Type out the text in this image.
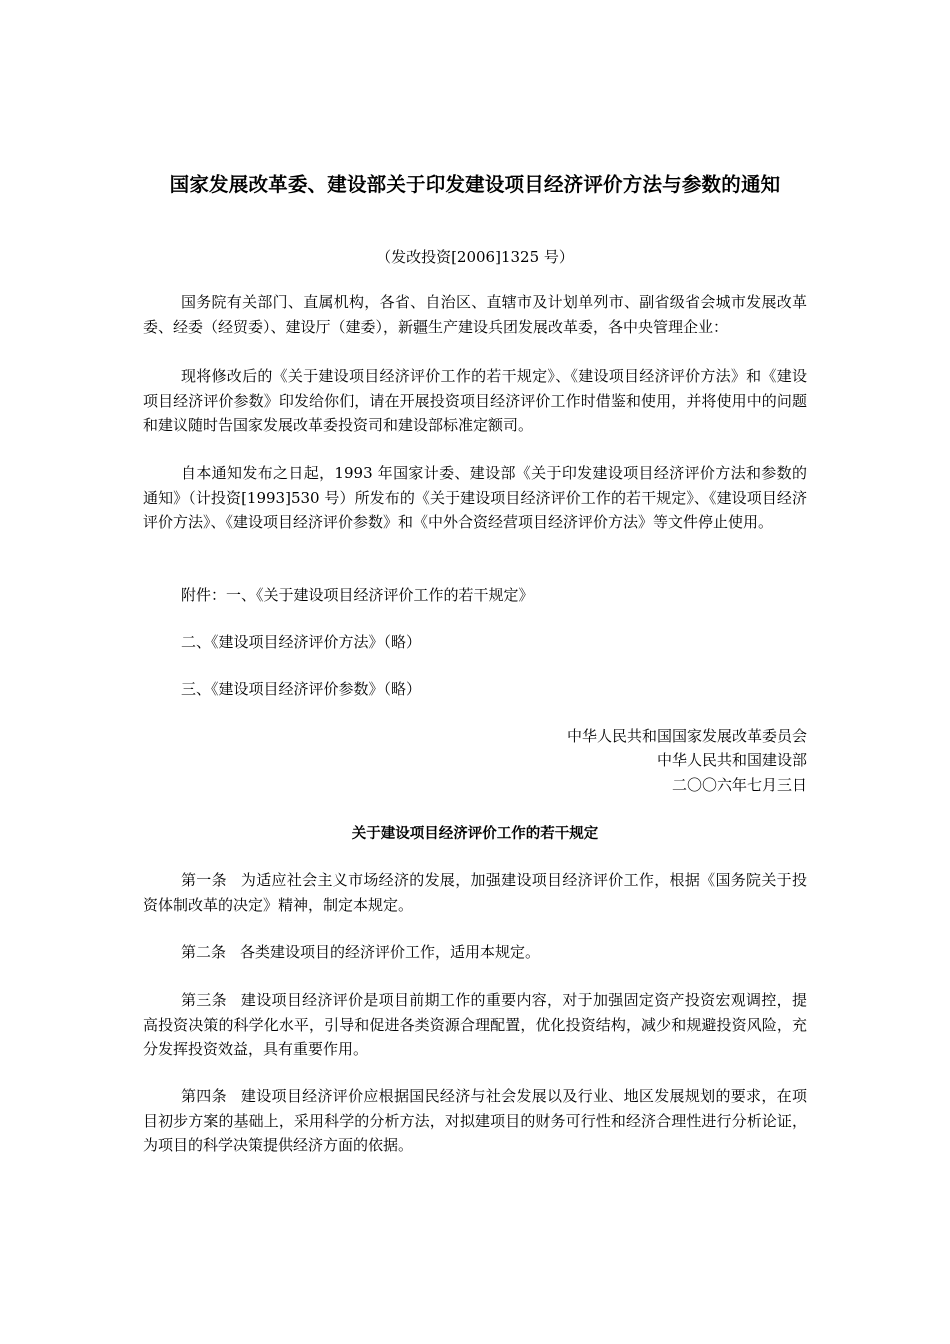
国家发展改革委、建设部关于印发建设项目经济评价方法与参数的通知
（发改投资[2006]1325 号）
国务院有关部门、直属机构，各省、自治区、直辖市及计划单列市、副省级省会城市发展改革委、经委（经贸委）、建设厅（建委），新疆生产建设兵团发展改革委，各中央管理企业：
现将修改后的《关于建设项目经济评价工作的若干规定》、《建设项目经济评价方法》和《建设项目经济评价参数》印发给你们，请在开展投资项目经济评价工作时借鉴和使用，并将使用中的问题和建议随时告国家发展改革委投资司和建设部标准定额司。
自本通知发布之日起，1993 年国家计委、建设部《关于印发建设项目经济评价方法和参数的通知》（计投资[1993]530 号）所发布的《关于建设项目经济评价工作的若干规定》、《建设项目经济评价方法》、《建设项目经济评价参数》和《中外合资经营项目经济评价方法》等文件停止使用。
附件：一、《关于建设项目经济评价工作的若干规定》
二、《建设项目经济评价方法》（略）
三、《建设项目经济评价参数》（略）
中华人民共和国国家发展改革委员会
中华人民共和国建设部
二〇〇六年七月三日
关于建设项目经济评价工作的若干规定
第一条 为适应社会主义市场经济的发展，加强建设项目经济评价工作，根据《国务院关于投资体制改革的决定》精神，制定本规定。
第二条 各类建设项目的经济评价工作，适用本规定。
第三条 建设项目经济评价是项目前期工作的重要内容，对于加强固定资产投资宏观调控，提高投资决策的科学化水平，引导和促进各类资源合理配置，优化投资结构，减少和规避投资风险，充分发挥投资效益，具有重要作用。
第四条 建设项目经济评价应根据国民经济与社会发展以及行业、地区发展规划的要求，在项目初步方案的基础上，采用科学的分析方法，对拟建项目的财务可行性和经济合理性进行分析论证，为项目的科学决策提供经济方面的依据。
